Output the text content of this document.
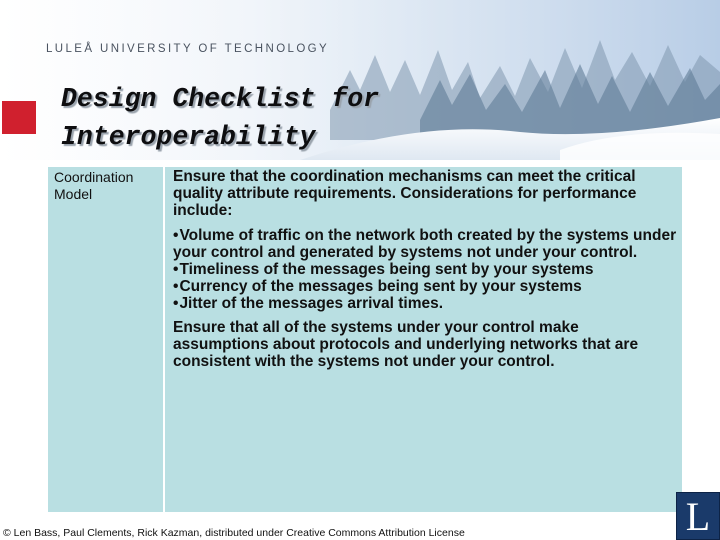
LULEÅ UNIVERSITY OF TECHNOLOGY
Design Checklist for
Interoperability
Coordination
Model

Ensure that the coordination mechanisms can meet the critical quality attribute requirements. Considerations for performance include:

• Volume of traffic on the network both created by the systems under your control and generated by systems not under your control.
• Timeliness of the messages being sent by your systems
• Currency of the messages being sent by your systems
• Jitter of the messages arrival times.

Ensure that all of the systems under your control make assumptions about protocols and underlying networks that are consistent with the systems not under your control.

© Len Bass, Paul Clements, Rick Kazman, distributed under Creative Commons Attribution License	L
